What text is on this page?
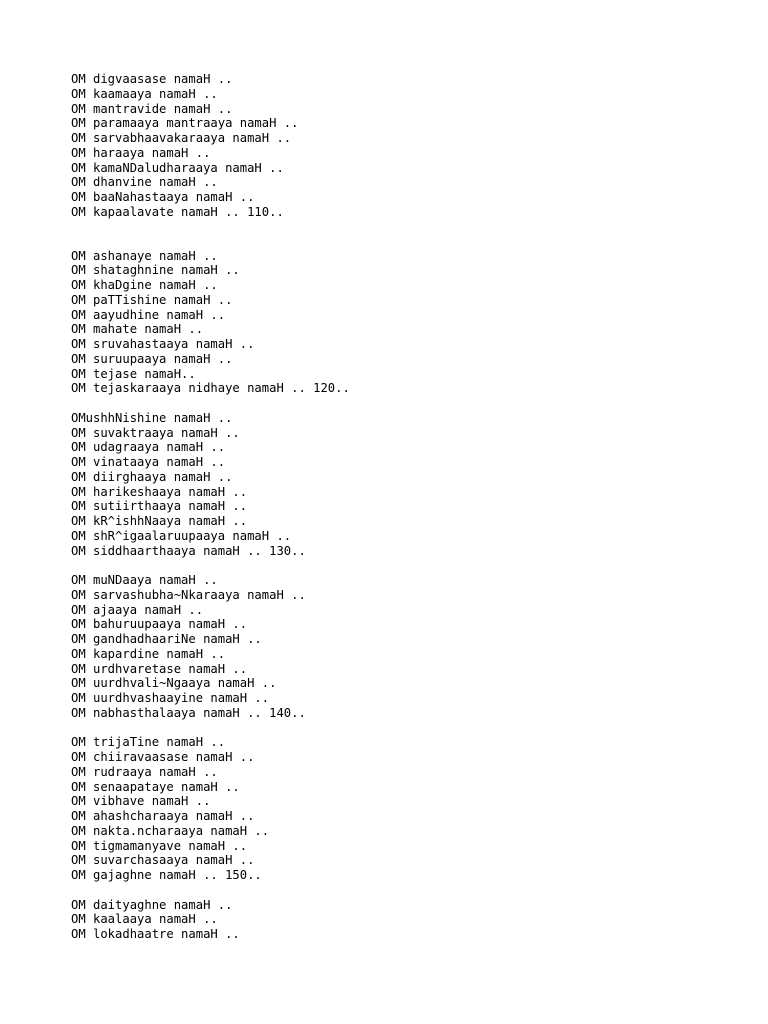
OM digvaasase namaH ..
OM kaamaaya namaH ..
OM mantravide namaH ..
OM paramaaya mantraaya namaH ..
OM sarvabhaavakaraaya namaH ..
OM haraaya namaH ..
OM kamaNDaludharaaya namaH ..
OM dhanvine namaH ..
OM baaNahastaaya namaH ..
OM kapaalavate namaH .. 110..
OM ashanaye namaH ..
OM shataghnine namaH ..
OM khaDgine namaH ..
OM paTTishine namaH ..
OM aayudhine namaH ..
OM mahate namaH ..
OM sruvahastaaya namaH ..
OM suruupaaya namaH ..
OM tejase namaH..
OM tejaskaraaya nidhaye namaH .. 120..
OMushhNishine namaH ..
OM suvaktraaya namaH ..
OM udagraaya namaH ..
OM vinataaya namaH ..
OM diirghaaya namaH ..
OM harikeshaaya namaH ..
OM sutiirthaaya namaH ..
OM kR^ishhNaaya namaH ..
OM shR^igaalaruupaaya namaH ..
OM siddhaarthaaya namaH .. 130..
OM muNDaaya namaH ..
OM sarvashubha~Nkaraaya namaH ..
OM ajaaya namaH ..
OM bahuruupaaya namaH ..
OM gandhadhaariNe namaH ..
OM kapardine namaH ..
OM urdhvaretase namaH ..
OM uurdhvali~Ngaaya namaH ..
OM uurdhvashaayine namaH ..
OM nabhasthalaaya namaH .. 140..
OM trijaTine namaH ..
OM chiiravaasase namaH ..
OM rudraaya namaH ..
OM senaapataye namaH ..
OM vibhave namaH ..
OM ahashcharaaya namaH ..
OM nakta.ncharaaya namaH ..
OM tigmamanyave namaH ..
OM suvarchasaaya namaH ..
OM gajaghne namaH .. 150..
OM daityaghne namaH ..
OM kaalaaya namaH ..
OM lokadhaatre namaH ..
